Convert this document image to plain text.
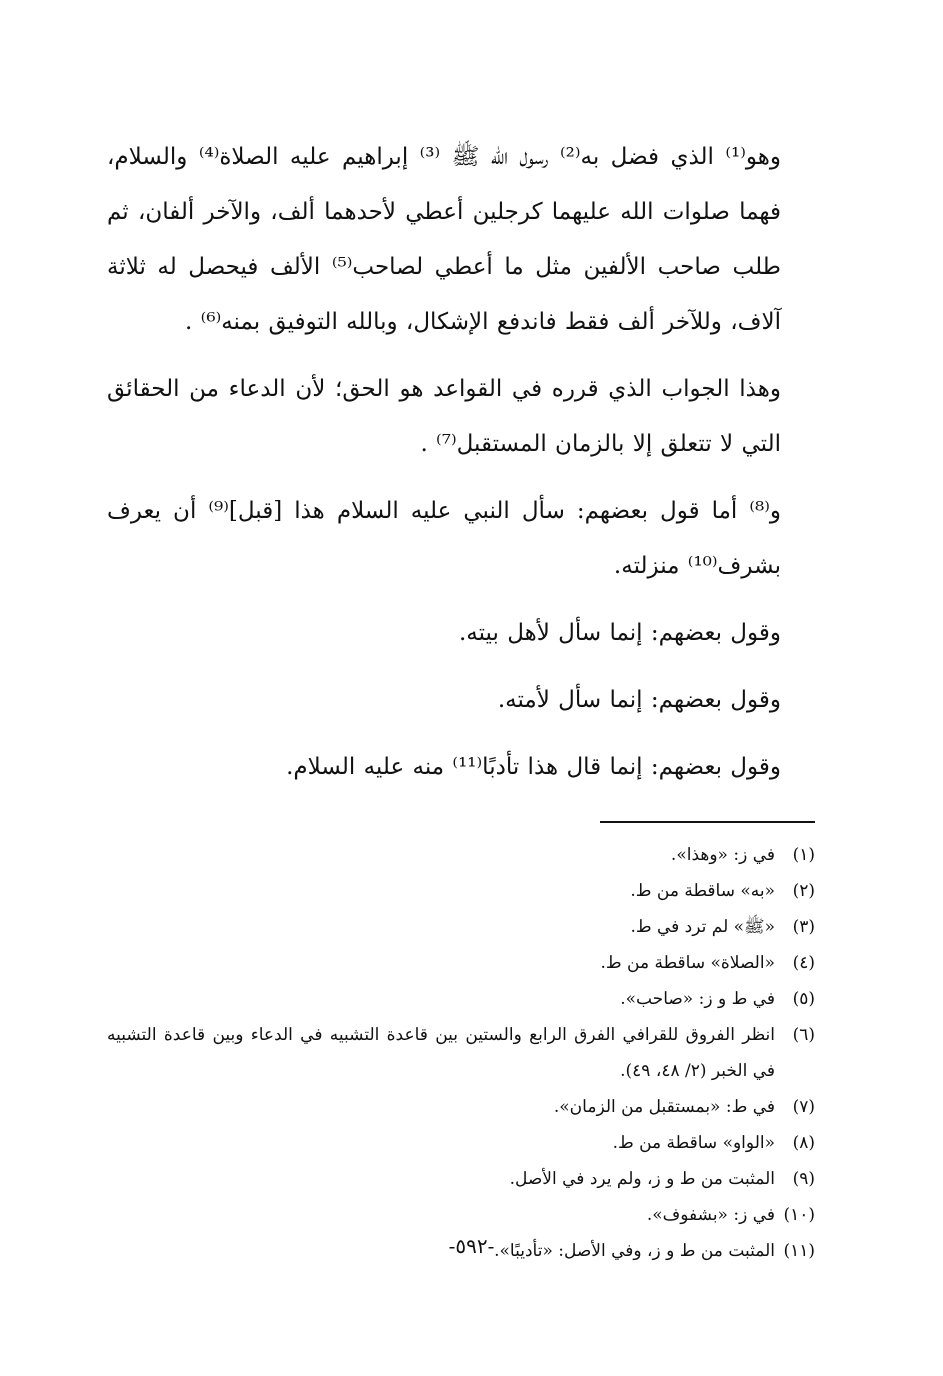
وهو⁽¹⁾ الذي فضل به⁽²⁾ رسول الله ﷺ ⁽³⁾ إبراهيم عليه الصلاة⁽⁴⁾ والسلام، فهما صلوات الله عليهما كرجلين أعطي لأحدهما ألف، والآخر ألفان، ثم طلب صاحب الألفين مثل ما أعطي لصاحب⁽⁵⁾ الألف فيحصل له ثلاثة آلاف، وللآخر ألف فقط فاندفع الإشكال، وبالله التوفيق بمنه⁽⁶⁾ .

وهذا الجواب الذي قرره في القواعد هو الحق؛ لأن الدعاء من الحقائق التي لا تتعلق إلا بالزمان المستقبل⁽⁷⁾ .

و⁽⁸⁾ أما قول بعضهم: سأل النبي عليه السلام هذا [قبل]⁽⁹⁾ أن يعرف بشرف⁽¹⁰⁾ منزلته.

وقول بعضهم: إنما سأل لأهل بيته.

وقول بعضهم: إنما سأل لأمته.

وقول بعضهم: إنما قال هذا تأدبًا⁽¹¹⁾ منه عليه السلام.

(١)
في ز: «وهذا».
(٢)
«به» ساقطة من ط.
(٣)
«ﷺ» لم ترد في ط.
(٤)
«الصلاة» ساقطة من ط.
(٥)
في ط و ز: «صاحب».
(٦)
انظر الفروق للقرافي الفرق الرابع والستين بين قاعدة التشبيه في الدعاء وبين قاعدة التشبيه في الخبر (٢/ ٤٨، ٤٩).
(٧)
في ط: «بمستقبل من الزمان».
(٨)
«الواو» ساقطة من ط.
(٩)
المثبت من ط و ز، ولم يرد في الأصل.
(١٠)
في ز: «بشفوف».
(١١)
المثبت من ط و ز، وفي الأصل: «تأديبًا».
-٥٩٢-
